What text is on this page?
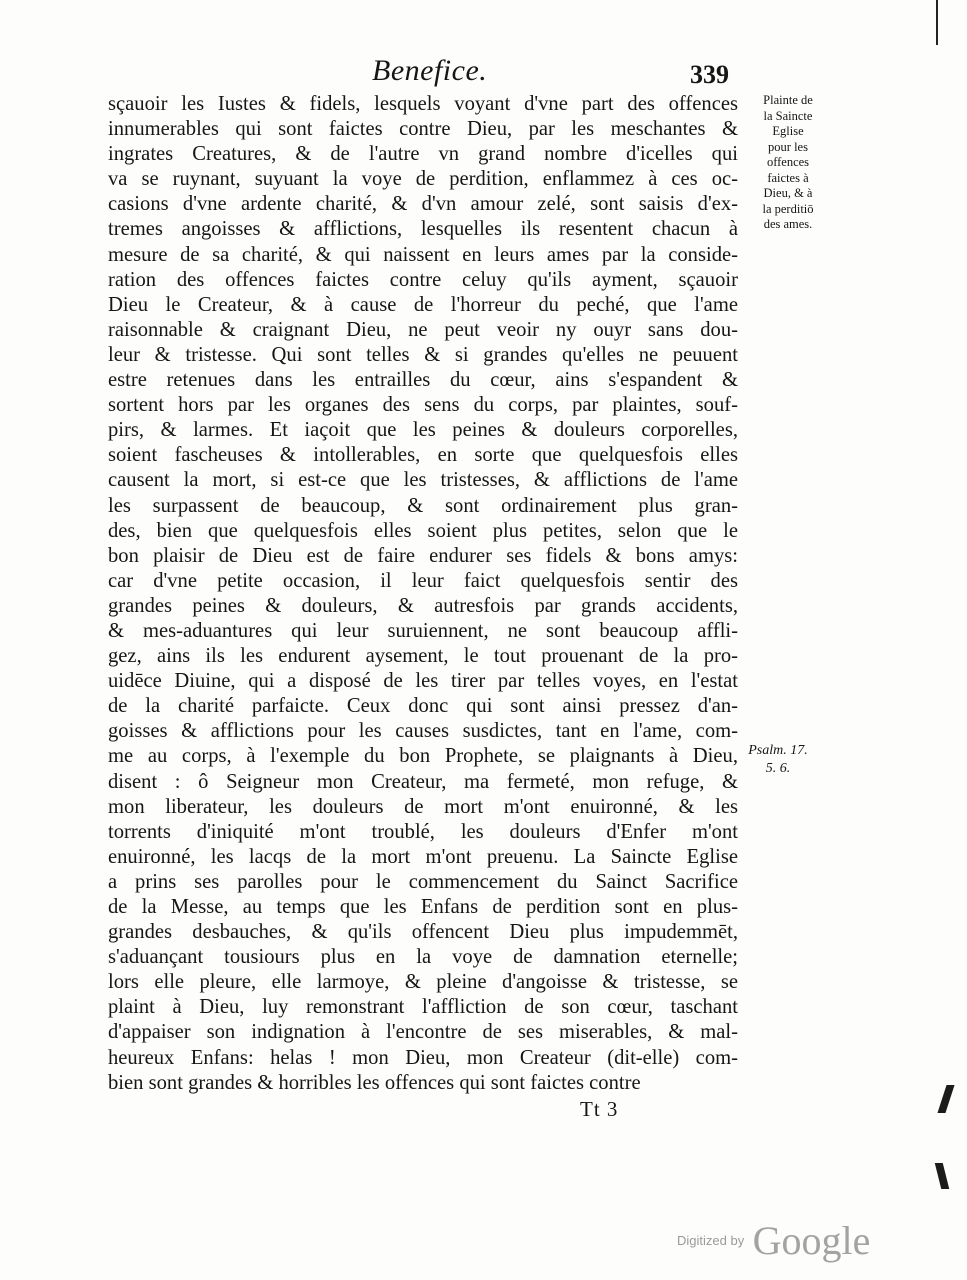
Benefice.	339
sçauoir les Iustes & fidels, lesquels voyant d'vne part des offences
innumerables qui sont faictes contre Dieu, par les meschantes &
ingrates Creatures, & de l'autre vn grand nombre d'icelles qui
va se ruynant, suyuant la voye de perdition, enflammez à ces oc-
casions d'vne ardente charité, & d'vn amour zelé, sont saisis d'ex-
tremes angoisses & afflictions, lesquelles ils resentent chacun à
mesure de sa charité, & qui naissent en leurs ames par la conside-
ration des offences faictes contre celuy qu'ils ayment, sçauoir
Dieu le Createur, & à cause de l'horreur du peché, que l'ame
raisonnable & craignant Dieu, ne peut veoir ny ouyr sans dou-
leur & tristesse. Qui sont telles & si grandes qu'elles ne peuuent
estre retenues dans les entrailles du cœur, ains s'espandent &
sortent hors par les organes des sens du corps, par plaintes, souf-
pirs, & larmes. Et iaçoit que les peines & douleurs corporelles,
soient fascheuses & intollerables, en sorte que quelquesfois elles
causent la mort, si est-ce que les tristesses, & afflictions de l'ame
les surpassent de beaucoup, & sont ordinairement plus gran-
des, bien que quelquesfois elles soient plus petites, selon que le
bon plaisir de Dieu est de faire endurer ses fidels & bons amys:
car d'vne petite occasion, il leur faict quelquesfois sentir des
grandes peines & douleurs, & autresfois par grands accidents,
& mes-aduantures qui leur suruiennent, ne sont beaucoup affli-
gez, ains ils les endurent aysement, le tout prouenant de la pro-
uidēce Diuine, qui a disposé de les tirer par telles voyes, en l'estat
de la charité parfaicte. Ceux donc qui sont ainsi pressez d'an-
goisses & afflictions pour les causes susdictes, tant en l'ame, com-
me au corps, à l'exemple du bon Prophete, se plaignants à Dieu,
disent : ô Seigneur mon Createur, ma fermeté, mon refuge, &
mon liberateur, les douleurs de mort m'ont enuironné, & les
torrents d'iniquité m'ont troublé, les douleurs d'Enfer m'ont
enuironné, les lacqs de la mort m'ont preuenu. La Saincte Eglise
a prins ses parolles pour le commencement du Sainct Sacrifice
de la Messe, au temps que les Enfans de perdition sont en plus-
grandes desbauches, & qu'ils offencent Dieu plus impudemmēt,
s'aduançant tousiours plus en la voye de damnation eternelle;
lors elle pleure, elle larmoye, & pleine d'angoisse & tristesse, se
plaint à Dieu, luy remonstrant l'affliction de son cœur, taschant
d'appaiser son indignation à l'encontre de ses miserables, & mal-
heureux Enfans: helas ! mon Dieu, mon Createur (dit-elle) com-
bien sont grandes & horribles les offences qui sont faictes contre
Plainte de
la Saincte
Eglise
pour les
offences
faictes à
Dieu, & à
la perditiō
des ames.
Psalm. 17.
5. 6.
Tt 3
Digitized by Google
